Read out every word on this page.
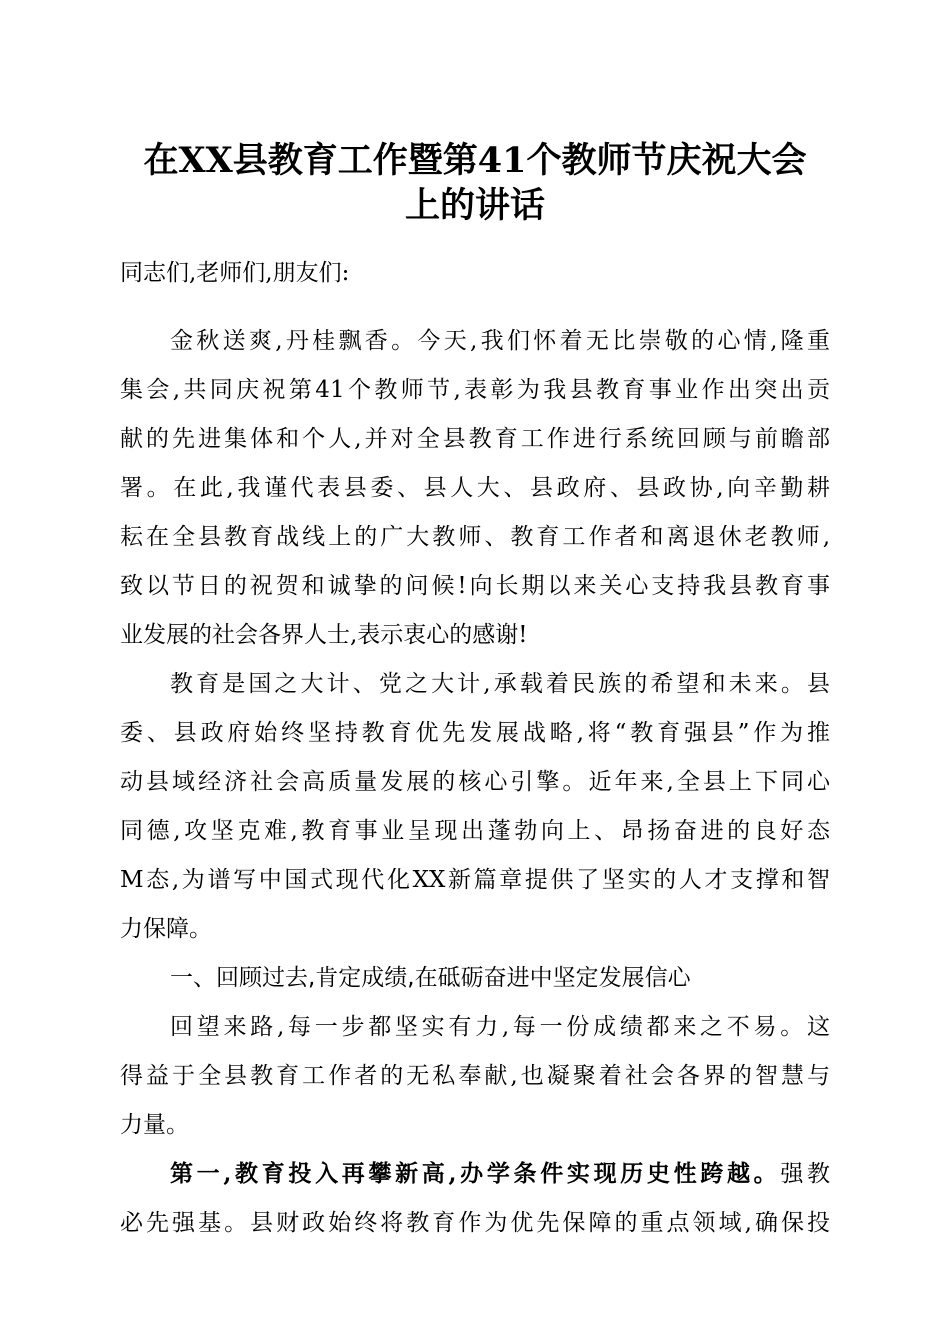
在XX县教育工作暨第41个教师节庆祝大会
上的讲话
同志们,老师们,朋友们:
金秋送爽,丹桂飘香。今天,我们怀着无比崇敬的心情,隆重
集会,共同庆祝第41个教师节,表彰为我县教育事业作出突出贡
献的先进集体和个人,并对全县教育工作进行系统回顾与前瞻部
署。在此,我谨代表县委、县人大、县政府、县政协,向辛勤耕
耘在全县教育战线上的广大教师、教育工作者和离退休老教师,
致以节日的祝贺和诚挚的问候!向长期以来关心支持我县教育事
业发展的社会各界人士,表示衷心的感谢!
教育是国之大计、党之大计,承载着民族的希望和未来。县
委、县政府始终坚持教育优先发展战略,将“教育强县”作为推
动县域经济社会高质量发展的核心引擎。近年来,全县上下同心
同德,攻坚克难,教育事业呈现出蓬勃向上、昂扬奋进的良好态
M态,为谱写中国式现代化XX新篇章提供了坚实的人才支撑和智
力保障。
一、回顾过去,肯定成绩,在砥砺奋进中坚定发展信心
回望来路,每一步都坚实有力,每一份成绩都来之不易。这
得益于全县教育工作者的无私奉献,也凝聚着社会各界的智慧与
力量。
第一,教育投入再攀新高,办学条件实现历史性跨越。强教
必先强基。县财政始终将教育作为优先保障的重点领域,确保投
